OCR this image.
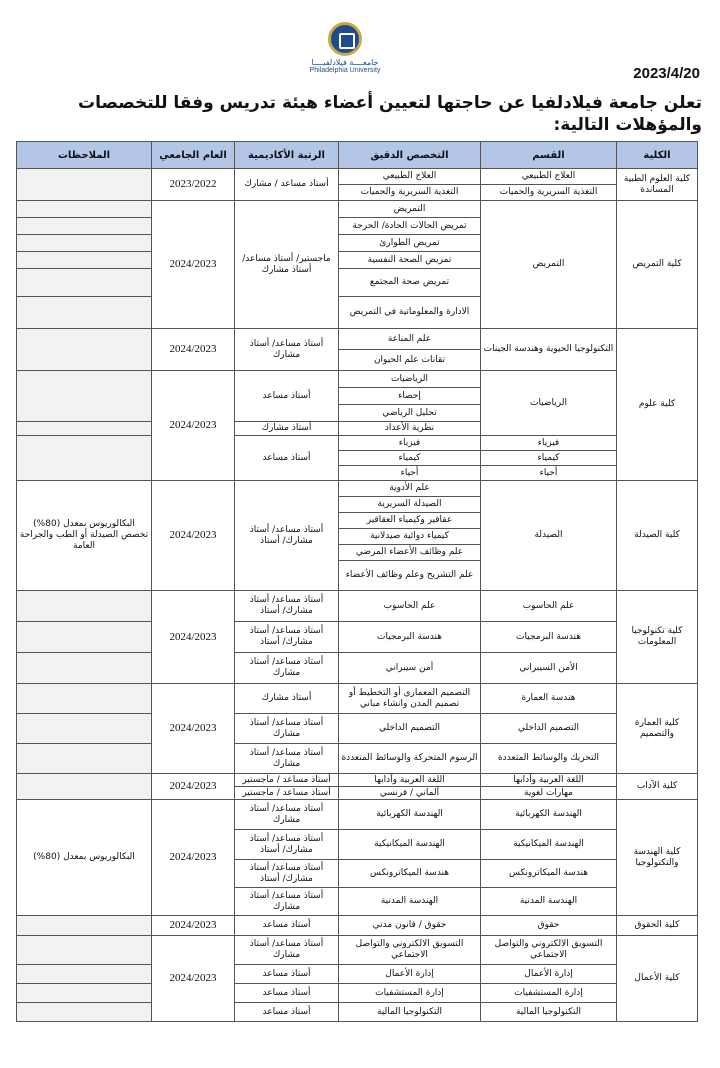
جامعــــة فيلادلفيــــا
Philadelphia University	2023/4/20
تعلن جامعة فيلادلفيا عن حاجتها لتعيين أعضاء هيئة تدريس وفقا للتخصصات والمؤهلات التالية:
الكلية	القسم	التخصص الدقيق	الرتبة الأكاديمية	العام الجامعي	الملاحظات
كلية العلوم الطبية المساندة	العلاج الطبيعي	العلاج الطبيعي	أستاذ مساعد / مشارك	2023/2022	
	التغذية السريرية والحميات	التغذية السريرية والحميات			
كلية التمريض	التمريض	التمريض	ماجستير/ أستاذ مساعد/ أستاذ مشارك	2024/2023	
		تمريض الحالات الحادة/ الحرجة			
		تمريض الطوارئ			
		تمريض الصحة النفسية			
		تمريض صحة المجتمع			
		الادارة والمعلوماتية في التمريض			
كلية علوم	التكنولوجيا الحيوية وهندسة الجينات	علم المناعة	أستاذ مساعد/ أستاذ مشارك	2024/2023	
		تقانات علم الحيوان			
	الرياضيات	الرياضيات	أستاذ مساعد	2024/2023	
		إحصاء			
		تحليل الرياضي			
		نظرية الأعداد	أستاذ مشارك		
	فيزياء	فيزياء	أستاذ مساعد		
	كيمياء	كيمياء			
	أحياء	أحياء			
كلية الصيدلة	الصيدلة	علم الأدوية	أستاذ مساعد/ أستاذ مشارك/ أستاذ	2024/2023	البكالوريوس بمعدل (80%) تخصص الصيدلة أو الطب والجراحة العامة
		الصيدلة السريرية			
		عقاقير وكيمياء العقاقير			
		كيمياء دوائية صيدلانية			
		علم وظائف الأعضاء المرضي			
		علم التشريح وعلم وظائف الأعضاء			
كلية تكنولوجيا المعلومات	علم الحاسوب	علم الحاسوب	أستاذ مساعد/ أستاذ مشارك/ أستاذ	2024/2023	
	هندسة البرمجيات	هندسة البرمجيات	أستاذ مساعد/ أستاذ مشارك/ أستاذ		
	الأمن السيبراني	أمن سيبراني	أستاذ مساعد/ أستاذ مشارك		
كلية العمارة والتصميم	هندسة العمارة	التصميم المعماري أو التخطيط أو تصميم المدن وانشاء مباني	أستاذ مشارك	2024/2023	
	التصميم الداخلي	التصميم الداخلي	أستاذ مساعد/ أستاذ مشارك		
	التحريك والوسائط المتعددة	الرسوم المتحركة والوسائط المتعددة	أستاذ مساعد/ أستاذ مشارك		
كلية الآداب	اللغة العربية وآدابها	اللغة العربية وآدابها	أستاذ مساعد / ماجستير	2024/2023	
	مهارات لغوية	ألماني / فرنسي	أستاذ مساعد / ماجستير		
كلية الهندسة والتكنولوجيا	الهندسة الكهربائية	الهندسة الكهربائية	أستاذ مساعد/ أستاذ مشارك	2024/2023	البكالوريوس بمعدل (80%)
	الهندسة الميكانيكية	الهندسة الميكانيكية	أستاذ مساعد/ أستاذ مشارك/ أستاذ		
	هندسة الميكاترونكس	هندسة الميكاترونكس	أستاذ مساعد/ أستاذ مشارك/ أستاذ		
	الهندسة المدنية	الهندسة المدنية	أستاذ مساعد/ أستاذ مشارك		
كلية الحقوق	حقوق	حقوق / قانون مدني	أستاذ مساعد	2024/2023	
كلية الأعمال	التسويق الالكتروني والتواصل الاجتماعي	التسويق الالكتروني والتواصل الاجتماعي	أستاذ مساعد/ أستاذ مشارك	2024/2023	
	إدارة الأعمال	إدارة الأعمال	أستاذ مساعد		
	إدارة المستشفيات	إدارة المستشفيات	أستاذ مساعد		
	التكنولوجيا المالية	التكنولوجيا المالية	أستاذ مساعد		
